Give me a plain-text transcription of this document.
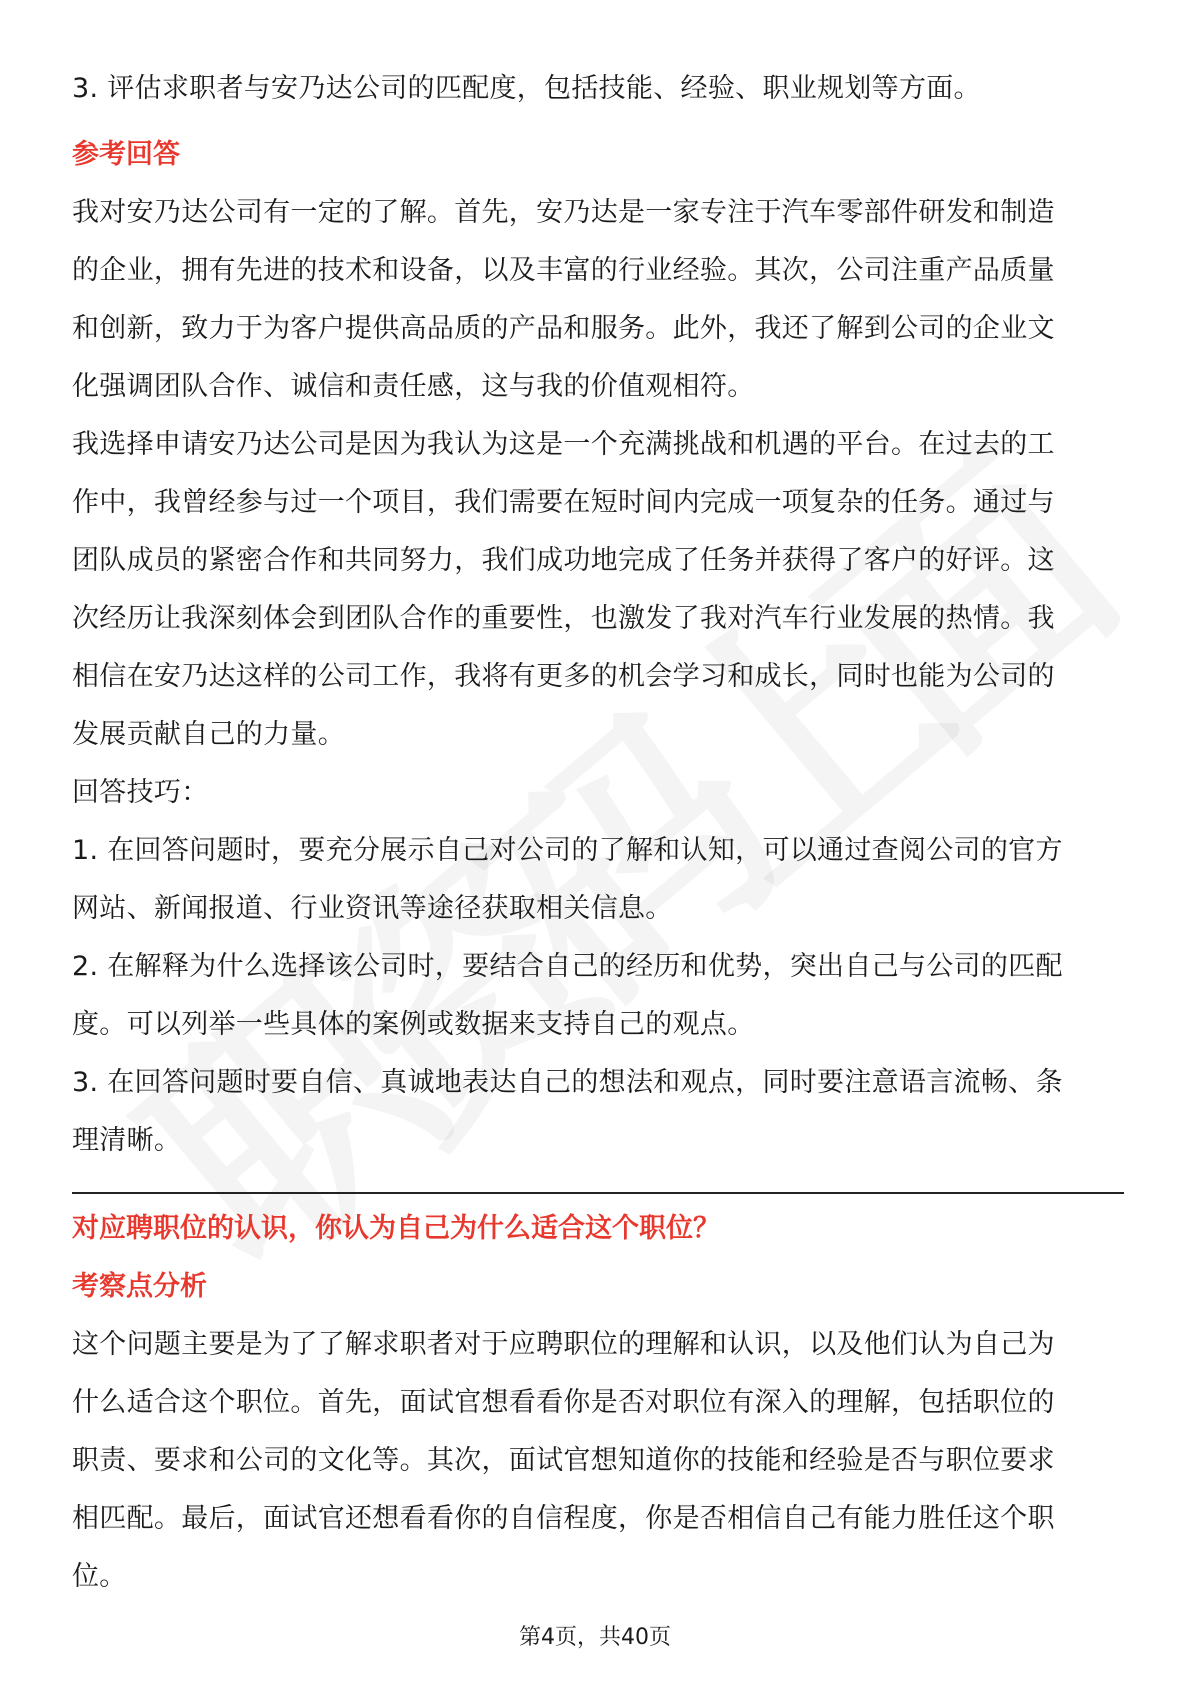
3. 评估求职者与安乃达公司的匹配度，包括技能、经验、职业规划等方面。

参考回答

我对安乃达公司有一定的了解。首先，安乃达是一家专注于汽车零部件研发和制造

的企业，拥有先进的技术和设备，以及丰富的行业经验。其次，公司注重产品质量

和创新，致力于为客户提供高品质的产品和服务。此外，我还了解到公司的企业文

化强调团队合作、诚信和责任感，这与我的价值观相符。

我选择申请安乃达公司是因为我认为这是一个充满挑战和机遇的平台。在过去的工

作中，我曾经参与过一个项目，我们需要在短时间内完成一项复杂的任务。通过与

团队成员的紧密合作和共同努力，我们成功地完成了任务并获得了客户的好评。这

次经历让我深刻体会到团队合作的重要性，也激发了我对汽车行业发展的热情。我

相信在安乃达这样的公司工作，我将有更多的机会学习和成长，同时也能为公司的

发展贡献自己的力量。

回答技巧：

1. 在回答问题时，要充分展示自己对公司的了解和认知，可以通过查阅公司的官方

网站、新闻报道、行业资讯等途径获取相关信息。

2. 在解释为什么选择该公司时，要结合自己的经历和优势，突出自己与公司的匹配

度。可以列举一些具体的案例或数据来支持自己的观点。

3. 在回答问题时要自信、真诚地表达自己的想法和观点，同时要注意语言流畅、条

理清晰。

对应聘职位的认识，你认为自己为什么适合这个职位？

考察点分析

这个问题主要是为了了解求职者对于应聘职位的理解和认识，以及他们认为自己为

什么适合这个职位。首先，面试官想看看你是否对职位有深入的理解，包括职位的

职责、要求和公司的文化等。其次，面试官想知道你的技能和经验是否与职位要求

相匹配。最后，面试官还想看看你的自信程度，你是否相信自己有能力胜任这个职

位。

第4页，共40页
